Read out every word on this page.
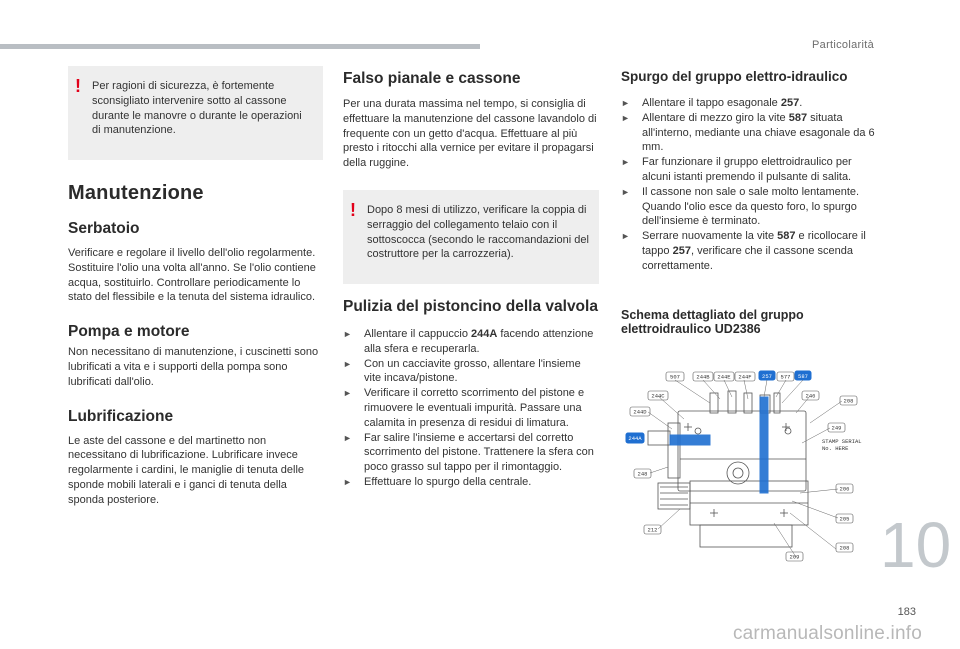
Particolarità
! Per ragioni di sicurezza, è fortemente sconsigliato intervenire sotto al cassone durante le manovre o durante le operazioni di manutenzione.

Manutenzione
Serbatoio

Verificare e regolare il livello dell'olio regolarmente. Sostituire l'olio una volta all'anno. Se l'olio contiene acqua, sostituirlo. Controllare periodicamente lo stato del flessibile e la tenuta del sistema idraulico.

Pompa e motore

Non necessitano di manutenzione, i cuscinetti sono lubrificati a vita e i supporti della pompa sono lubrificati dall'olio.

Lubrificazione

Le aste del cassone e del martinetto non necessitano di lubrificazione. Lubrificare invece regolarmente i cardini, le maniglie di tenuta delle sponde mobili laterali e i ganci di tenuta della sponda posteriore.

Falso pianale e cassone

Per una durata massima nel tempo, si consiglia di effettuare la manutenzione del cassone lavandolo di frequente con un getto d'acqua. Effettuare al più presto i ritocchi alla vernice per evitare il propagarsi della ruggine.

! Dopo 8 mesi di utilizzo, verificare la coppia di serraggio del collegamento telaio con il sottoscocca (secondo le raccomandazioni del costruttore per la carrozzeria).

Pulizia del pistoncino della valvola
► Allentare il cappuccio 244A facendo attenzione alla sfera e recuperarla.
► Con un cacciavite grosso, allentare l'insieme vite incava/pistone.
► Verificare il corretto scorrimento del pistone e rimuovere le eventuali impurità. Passare una calamita in presenza di residui di limatura.
► Far salire l'insieme e accertarsi del corretto scorrimento del pistone. Trattenere la sfera con poco grasso sul tappo per il rimontaggio.
► Effettuare lo spurgo della centrale.
Spurgo del gruppo elettro-idraulico
► Allentare il tappo esagonale 257.
► Allentare di mezzo giro la vite 587 situata all'interno, mediante una chiave esagonale da 6 mm.
► Far funzionare il gruppo elettroidraulico per alcuni istanti premendo il pulsante di salita.
► Il cassone non sale o sale molto lentamente. Quando l'olio esce da questo foro, lo spurgo dell'insieme è terminato.
► Serrare nuovamente la vite 587 e ricollocare il tappo 257, verificare che il cassone scenda correttamente.
Schema dettagliato del gruppo elettroidraulico UD2386
507	244B 244E 244F 257 577 587
244C	246
208
244D
249
244A
248
206
212
205
209
208
STAMP SERIAL
No. HERE
10
183
carmanualsonline.info
